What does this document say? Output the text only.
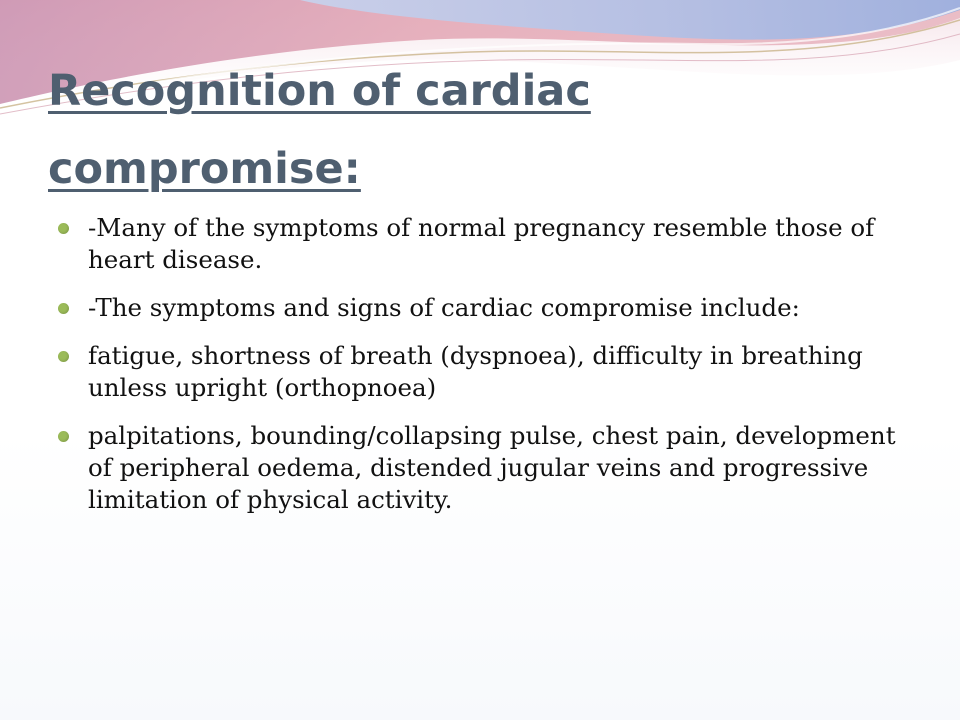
Recognition of cardiac compromise:
-Many of the symptoms of normal pregnancy resemble those of heart disease.
-The symptoms and signs of cardiac compromise include:
fatigue, shortness of breath (dyspnoea), difficulty in breathing unless upright (orthopnoea)
palpitations, bounding/collapsing pulse, chest pain, development of peripheral oedema, distended jugular veins and progressive limitation of physical activity.
